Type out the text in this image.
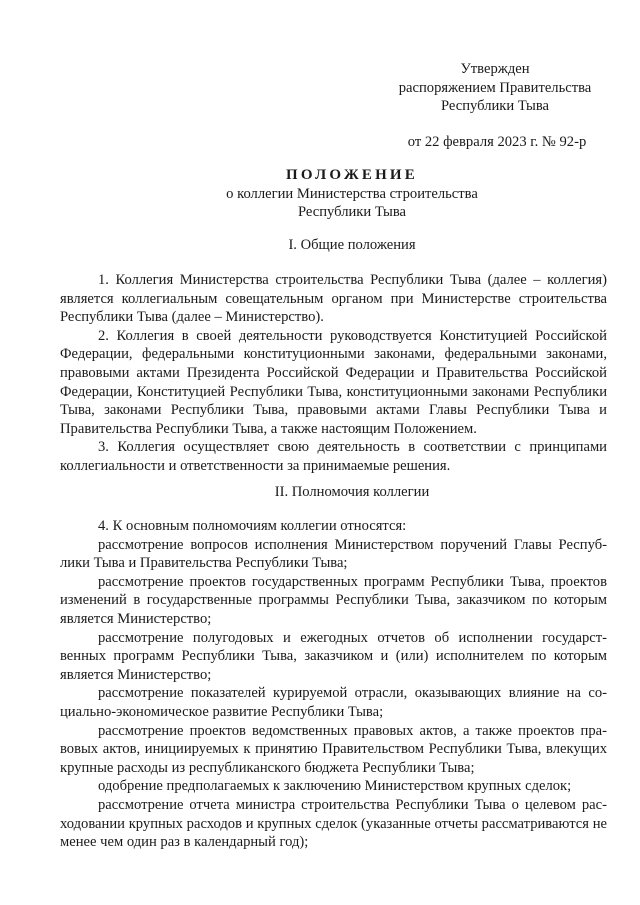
Утвержден
распоряжением Правительства
Республики Тыва
от 22 февраля 2023 г. № 92-р
ПОЛОЖЕНИЕ
о коллегии Министерства строительства
Республики Тыва
I. Общие положения

1. Коллегия Министерства строительства Республики Тыва (далее – коллегия) является коллегиальным совещательным органом при Министерстве строительства Республики Тыва (далее – Министерство).

2. Коллегия в своей деятельности руководствуется Конституцией Российской Федерации, федеральными конституционными законами, федеральными законами, правовыми актами Президента Российской Федерации и Правительства Российской Федерации, Конституцией Республики Тыва, конституционными законами Республики Тыва, законами Республики Тыва, правовыми актами Главы Республики Тыва и Правительства Республики Тыва, а также настоящим Положением.

3. Коллегия осуществляет свою деятельность в соответствии с принципами коллегиальности и ответственности за принимаемые решения.

II. Полномочия коллегии

4. К основным полномочиям коллегии относятся:

рассмотрение вопросов исполнения Министерством поручений Главы Республики Тыва и Правительства Республики Тыва;

рассмотрение проектов государственных программ Республики Тыва, проектов изменений в государственные программы Республики Тыва, заказчиком по которым является Министерство;

рассмотрение полугодовых и ежегодных отчетов об исполнении государственных программ Республики Тыва, заказчиком и (или) исполнителем по которым является Министерство;

рассмотрение показателей курируемой отрасли, оказывающих влияние на социально-экономическое развитие Республики Тыва;

рассмотрение проектов ведомственных правовых актов, а также проектов правовых актов, инициируемых к принятию Правительством Республики Тыва, влекущих крупные расходы из республиканского бюджета Республики Тыва;

одобрение предполагаемых к заключению Министерством крупных сделок;

рассмотрение отчета министра строительства Республики Тыва о целевом расходовании крупных расходов и крупных сделок (указанные отчеты рассматриваются не менее чем один раз в календарный год);
